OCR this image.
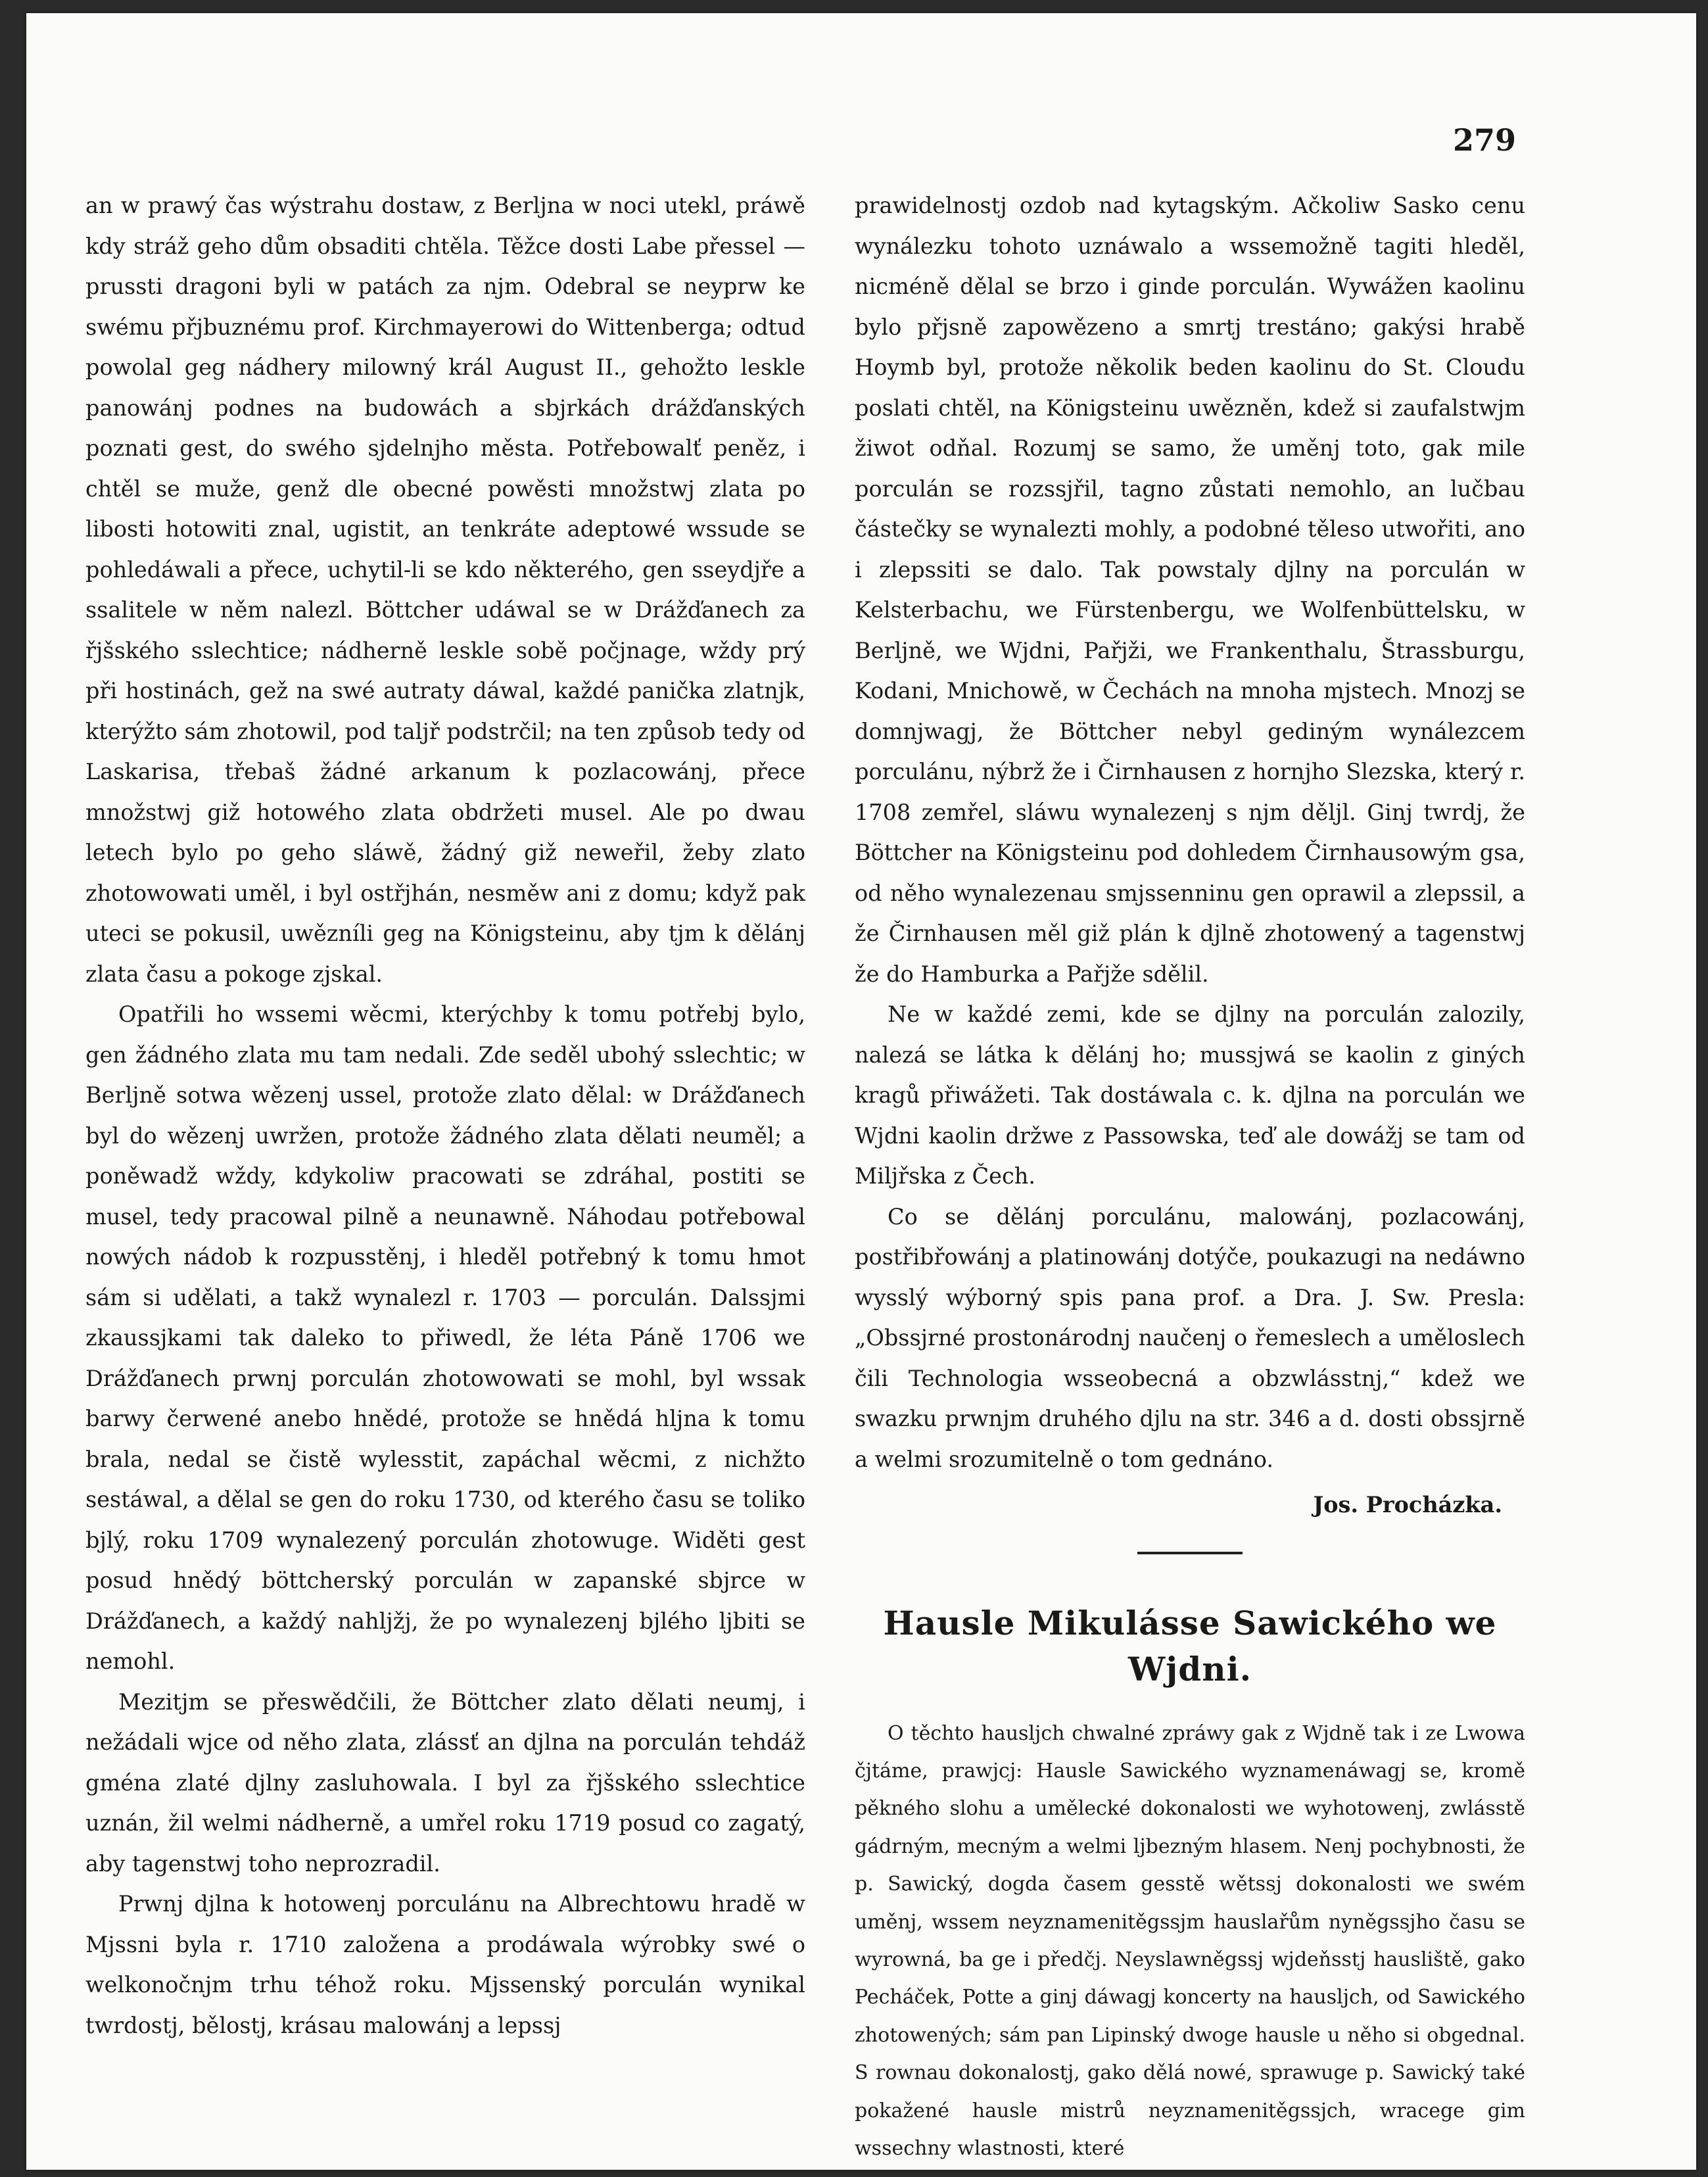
279

an w prawý čas wýstrahu dostaw, z Berljna w noci utekl, práwě kdy stráž geho dům obsaditi chtěla. Těžce dosti Labe přessel — prussti dragoni byli w patách za njm. Odebral se neyprw ke swému přjbuznému prof. Kirchmayerowi do Wittenberga; odtud powolal geg nádhery milowný král August II., gehožto leskle panowánj podnes na budowách a sbjrkách drážďanských poznati gest, do swého sjdelnjho města. Potřebowalť peněz, i chtěl se muže, genž dle obecné powěsti množstwj zlata po libosti hotowiti znal, ugistit, an tenkráte adeptowé wssude se pohledáwali a přece, uchytil-li se kdo některého, gen sseydjře a ssalitele w něm nalezl. Böttcher udáwal se w Drážďanech za řjšského sslechtice; nádherně leskle sobě počjnage, wždy prý při hostinách, gež na swé autraty dáwal, každé panička zlatnjk, kterýžto sám zhotowil, pod taljř podstrčil; na ten způsob tedy od Laskarisa, třebaš žádné arkanum k pozlacowánj, přece množstwj giž hotowého zlata obdržeti musel. Ale po dwau letech bylo po geho sláwě, žádný giž neweřil, žeby zlato zhotowowati uměl, i byl ostřjhán, nesměw ani z domu; když pak uteci se pokusil, uwězníli geg na Königsteinu, aby tjm k dělánj zlata času a pokoge zjskal.

Opatřili ho wssemi wěcmi, kterýchby k tomu potřebj bylo, gen žádného zlata mu tam nedali. Zde seděl ubohý sslechtic; w Berljně sotwa wězenj ussel, protože zlato dělal: w Drážďanech byl do wězenj uwržen, protože žádného zlata dělati neuměl; a poněwadž wždy, kdykoliw pracowati se zdráhal, postiti se musel, tedy pracowal pilně a neunawně. Náhodau potřebowal nowých nádob k rozpusstěnj, i hleděl potřebný k tomu hmot sám si udělati, a takž wynalezl r. 1703 — porculán. Dalssjmi zkaussjkami tak daleko to přiwedl, že léta Páně 1706 we Drážďanech prwnj porculán zhotowowati se mohl, byl wssak barwy čerwené anebo hnědé, protože se hnědá hljna k tomu brala, nedal se čistě wylesstit, zapáchal wěcmi, z nichžto sestáwal, a dělal se gen do roku 1730, od kterého času se toliko bjlý, roku 1709 wynalezený porculán zhotowuge. Widěti gest posud hnědý böttcherský porculán w zapanské sbjrce w Drážďanech, a každý nahljžj, že po wynalezenj bjlého ljbiti se nemohl.

Mezitjm se přeswědčili, že Böttcher zlato dělati neumj, i nežádali wjce od něho zlata, zlássť an djlna na porculán tehdáž gména zlaté djlny zasluhowala. I byl za řjšského sslechtice uznán, žil welmi nádherně, a umřel roku 1719 posud co zagatý, aby tagenstwj toho neprozradil.

Prwnj djlna k hotowenj porculánu na Albrechtowu hradě w Mjssni byla r. 1710 založena a prodáwala wýrobky swé o welkonočnjm trhu téhož roku. Mjssenský porculán wynikal twrdostj, bělostj, krásau malowánj a lepssj

prawidelnostj ozdob nad kytagským. Ačkoliw Sasko cenu wynálezku tohoto uznáwalo a wssemožně tagiti hleděl, nicméně dělal se brzo i ginde porculán. Wywážen kaolinu bylo přjsně zapowězeno a smrtj trestáno; gakýsi hrabě Hoymb byl, protože několik beden kaolinu do St. Cloudu poslati chtěl, na Königsteinu uwězněn, kdež si zaufalstwjm žiwot odňal. Rozumj se samo, že uměnj toto, gak mile porculán se rozssjřil, tagno zůstati nemohlo, an lučbau částečky se wynalezti mohly, a podobné těleso utwořiti, ano i zlepssiti se dalo. Tak powstaly djlny na porculán w Kelsterbachu, we Fürstenbergu, we Wolfenbüttelsku, w Berljně, we Wjdni, Pařjži, we Frankenthalu, Štrassburgu, Kodani, Mnichowě, w Čechách na mnoha mjstech. Mnozj se domnjwagj, že Böttcher nebyl gediným wynálezcem porculánu, nýbrž že i Čirnhausen z hornjho Slezska, který r. 1708 zemřel, sláwu wynalezenj s njm děljl. Ginj twrdj, že Böttcher na Königsteinu pod dohledem Čirnhausowým gsa, od něho wynalezenau smjssenninu gen oprawil a zlepssil, a že Čirnhausen měl giž plán k djlně zhotowený a tagenstwj že do Hamburka a Pařjže sdělil.

Ne w každé zemi, kde se djlny na porculán zalozily, nalezá se látka k dělánj ho; mussjwá se kaolin z giných kragů přiwážeti. Tak dostáwala c. k. djlna na porculán we Wjdni kaolin držwe z Passowska, teď ale dowážj se tam od Miljřska z Čech.

Co se dělánj porculánu, malowánj, pozlacowánj, postřibřowánj a platinowánj dotýče, poukazugi na nedáwno wysslý wýborný spis pana prof. a Dra. J. Sw. Presla: „Obssjrné prostonárodnj naučenj o řemeslech a uměloslech čili Technologia wsseobecná a obzwlásstnj,“ kdež we swazku prwnjm druhého djlu na str. 346 a d. dosti obssjrně a welmi srozumitelně o tom gednáno.

Jos. Procházka.
Hausle Mikulásse Sawického we Wjdni.

O těchto hausljch chwalné zpráwy gak z Wjdně tak i ze Lwowa čjtáme, prawjcj: Hausle Sawického wyznamenáwagj se, kromě pěkného slohu a umělecké dokonalosti we wyhotowenj, zwlásstě gádrným, mecným a welmi ljbezným hlasem. Nenj pochybnosti, že p. Sawický, dogda časem gesstě wětssj dokonalosti we swém uměnj, wssem neyznamenitěgssjm hauslařům nyněgssjho času se wyrowná, ba ge i předčj. Neyslawněgssj wjdeňsstj hausliště, gako Pecháček, Potte a ginj dáwagj koncerty na hausljch, od Sawického zhotowených; sám pan Lipinský dwoge hausle u něho si obgednal. S rownau dokonalostj, gako dělá nowé, sprawuge p. Sawický také pokažené hausle mistrů neyznamenitěgssjch, wracege gim wssechny wlastnosti, které
